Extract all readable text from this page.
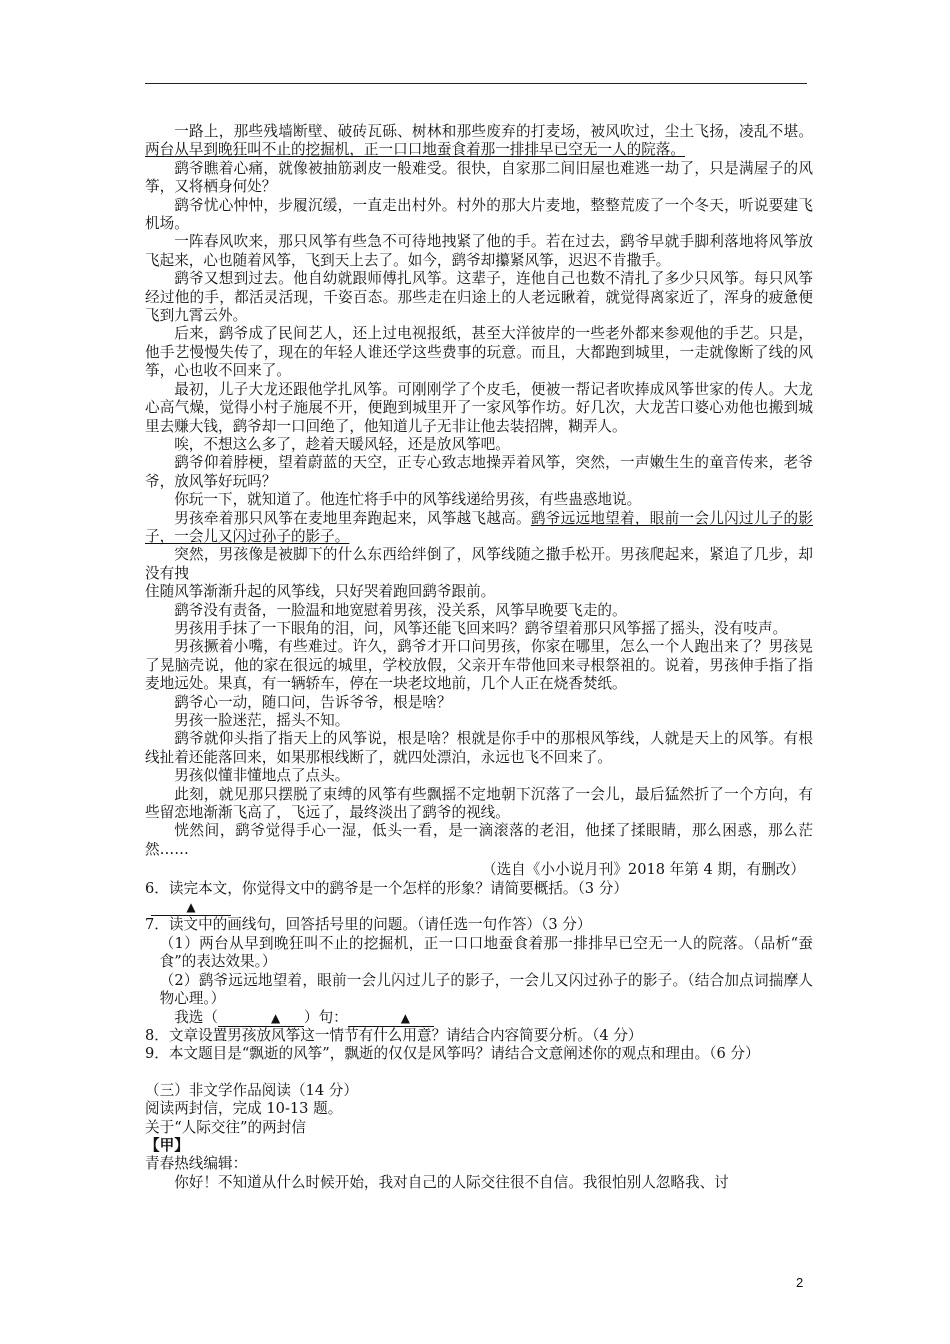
一路上，那些残墙断壁、破砖瓦砾、树林和那些废弃的打麦场，被风吹过，尘土飞扬，凌乱不堪。两台从早到晚狂叫不止的挖掘机，正一口口地蚕食着那一排排早已空无一人的院落。

鹞爷瞧着心痛，就像被抽筋剥皮一般难受。很快，自家那二间旧屋也难逃一劫了，只是满屋子的风筝，又将栖身何处？

鹞爷忧心忡忡，步履沉缓，一直走出村外。村外的那大片麦地，整整荒废了一个冬天，听说要建飞机场。

一阵春风吹来，那只风筝有些急不可待地拽紧了他的手。若在过去，鹞爷早就手脚利落地将风筝放飞起来，心也随着风筝，飞到天上去了。如今，鹞爷却攥紧风筝，迟迟不肯撒手。

鹞爷又想到过去。他自幼就跟师傅扎风筝。这辈子，连他自己也数不清扎了多少只风筝。每只风筝经过他的手，都活灵活现，千姿百态。那些走在归途上的人老远瞅着，就觉得离家近了，浑身的疲惫便飞到九霄云外。

后来，鹞爷成了民间艺人，还上过电视报纸，甚至大洋彼岸的一些老外都来参观他的手艺。只是，他手艺慢慢失传了，现在的年轻人谁还学这些费事的玩意。而且，大都跑到城里，一走就像断了线的风筝，心也收不回来了。

最初，儿子大龙还跟他学扎风筝。可刚刚学了个皮毛，便被一帮记者吹捧成风筝世家的传人。大龙心高气燥，觉得小村子施展不开，便跑到城里开了一家风筝作坊。好几次，大龙苦口婆心劝他也搬到城里去赚大钱，鹞爷却一口回绝了，他知道儿子无非让他去装招牌，糊弄人。

唉，不想这么多了，趁着天暖风轻，还是放风筝吧。

鹞爷仰着脖梗，望着蔚蓝的天空，正专心致志地操弄着风筝，突然，一声嫩生生的童音传来，老爷爷，放风筝好玩吗？

你玩一下，就知道了。他连忙将手中的风筝线递给男孩，有些蛊惑地说。

男孩牵着那只风筝在麦地里奔跑起来，风筝越飞越高。鹞爷远远地望着，眼前一会儿闪过儿子的影子，一会儿又闪过孙子的影子。

突然，男孩像是被脚下的什么东西给绊倒了，风筝线随之撒手松开。男孩爬起来，紧追了几步，却没有拽

住随风筝渐渐升起的风筝线，只好哭着跑回鹞爷跟前。

鹞爷没有责备，一脸温和地宽慰着男孩，没关系，风筝早晚要飞走的。

男孩用手抹了一下眼角的泪，问，风筝还能飞回来吗？鹞爷望着那只风筝摇了摇头，没有吱声。

男孩撅着小嘴，有些难过。许久，鹞爷才开口问男孩，你家在哪里，怎么一个人跑出来了？男孩晃了晃脑壳说，他的家在很远的城里，学校放假，父亲开车带他回来寻根祭祖的。说着，男孩伸手指了指麦地远处。果真，有一辆轿车，停在一块老坟地前，几个人正在烧香焚纸。

鹞爷心一动，随口问，告诉爷爷，根是啥？

男孩一脸迷茫，摇头不知。

鹞爷就仰头指了指天上的风筝说，根是啥？根就是你手中的那根风筝线，人就是天上的风筝。有根线扯着还能落回来，如果那根线断了，就四处漂泊，永远也飞不回来了。

男孩似懂非懂地点了点头。

此刻，就见那只摆脱了束缚的风筝有些飘摇不定地朝下沉落了一会儿，最后猛然折了一个方向，有些留恋地渐渐飞高了，飞远了，最终淡出了鹞爷的视线。

恍然间，鹞爷觉得手心一湿，低头一看，是一滴滚落的老泪，他揉了揉眼睛，那么困惑，那么茫然……

（选自《小小说月刊》2018 年第 4 期，有删改）

6．读完本文，你觉得文中的鹞爷是一个怎样的形象？请简要概括。（3 分）

▲

7．读文中的画线句，回答括号里的问题。（请任选一句作答）（3 分）

（1）两台从早到晚狂叫不止的挖掘机，正一口口地蚕食着那一排排早已空无一人的院落。（品析“蚕食”的表达效果。）

（2）鹞爷远远地望着，眼前一会儿闪过儿子的影子，一会儿又闪过孙子的影子。（结合加点词揣摩人物心理。）

我选（	▲ ）句：	▲

8．文章设置男孩放风筝这一情节有什么用意？请结合内容简要分析。（4 分）

9．本文题目是“飘逝的风筝”，飘逝的仅仅是风筝吗？请结合文意阐述你的观点和理由。（6 分）

（三）非文学作品阅读（14 分）

阅读两封信，完成 10-13 题。

关于“人际交往”的两封信

【甲】

青春热线编辑：

你好！不知道从什么时候开始，我对自己的人际交往很不自信。我很怕别人忽略我、讨

2
